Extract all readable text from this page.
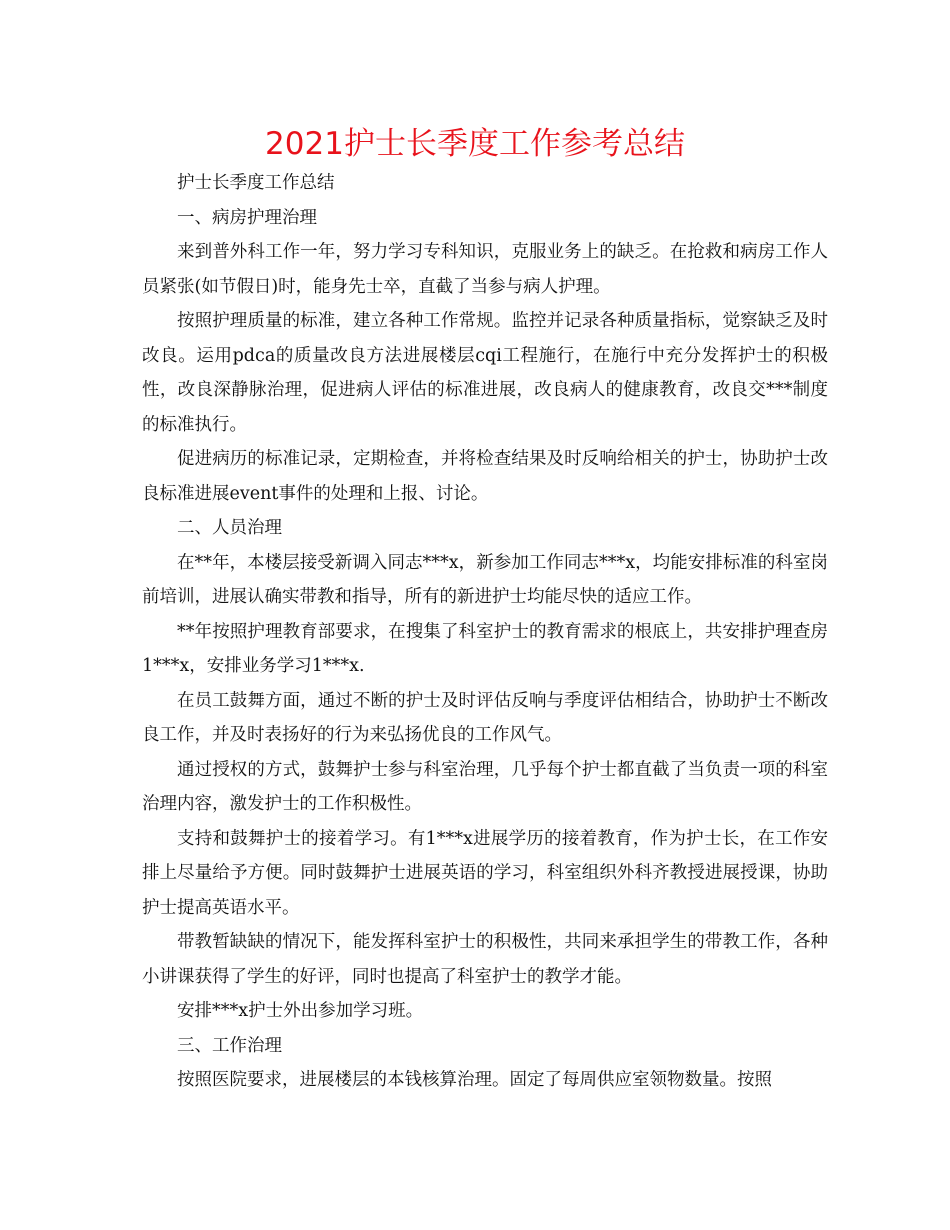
2021护士长季度工作参考总结

护士长季度工作总结

一、病房护理治理

来到普外科工作一年，努力学习专科知识，克服业务上的缺乏。在抢救和病房工作人员紧张(如节假日)时，能身先士卒，直截了当参与病人护理。

按照护理质量的标准，建立各种工作常规。监控并记录各种质量指标，觉察缺乏及时改良。运用pdca的质量改良方法进展楼层cqi工程施行，在施行中充分发挥护士的积极性，改良深静脉治理，促进病人评估的标准进展，改良病人的健康教育，改良交***制度的标准执行。

促进病历的标准记录，定期检查，并将检查结果及时反响给相关的护士，协助护士改良标准进展event事件的处理和上报、讨论。

二、人员治理

在**年，本楼层接受新调入同志***x，新参加工作同志***x，均能安排标准的科室岗前培训，进展认确实带教和指导，所有的新进护士均能尽快的适应工作。

**年按照护理教育部要求，在搜集了科室护士的教育需求的根底上，共安排护理查房1***x，安排业务学习1***x.

在员工鼓舞方面，通过不断的护士及时评估反响与季度评估相结合，协助护士不断改良工作，并及时表扬好的行为来弘扬优良的工作风气。

通过授权的方式，鼓舞护士参与科室治理，几乎每个护士都直截了当负责一项的科室治理内容，激发护士的工作积极性。

支持和鼓舞护士的接着学习。有1***x进展学历的接着教育，作为护士长，在工作安排上尽量给予方便。同时鼓舞护士进展英语的学习，科室组织外科齐教授进展授课，协助护士提高英语水平。

带教暂缺缺的情况下，能发挥科室护士的积极性，共同来承担学生的带教工作，各种小讲课获得了学生的好评，同时也提高了科室护士的教学才能。

安排***x护士外出参加学习班。

三、工作治理

按照医院要求，进展楼层的本钱核算治理。固定了每周供应室领物数量。按照
